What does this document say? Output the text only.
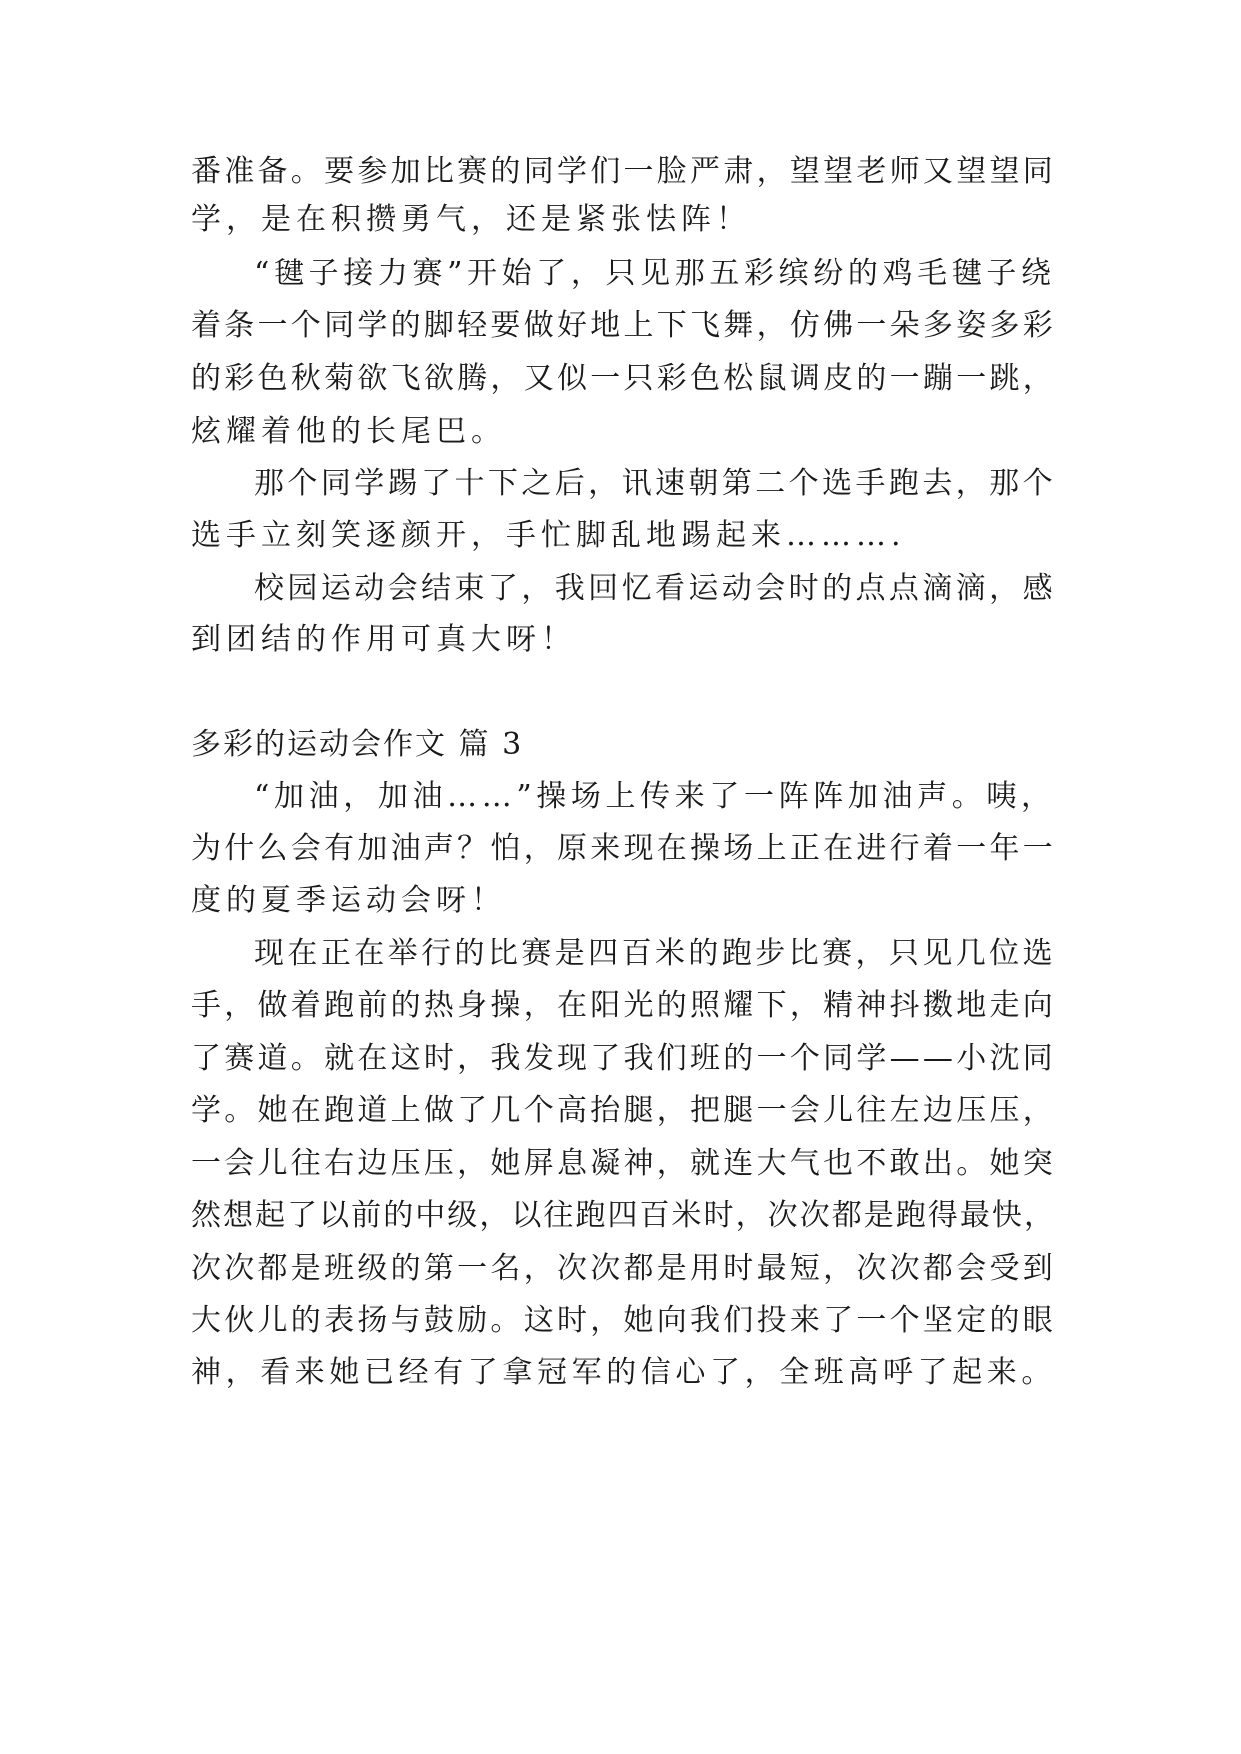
番准备。要参加比赛的同学们一脸严肃，望望老师又望望同
学，是在积攒勇气，还是紧张怯阵！
“毽子接力赛”开始了，只见那五彩缤纷的鸡毛毽子绕
着条一个同学的脚轻要做好地上下飞舞，仿佛一朵多姿多彩
的彩色秋菊欲飞欲腾，又似一只彩色松鼠调皮的一蹦一跳，
炫耀着他的长尾巴。
那个同学踢了十下之后，讯速朝第二个选手跑去，那个
选手立刻笑逐颜开，手忙脚乱地踢起来……….
校园运动会结束了，我回忆看运动会时的点点滴滴，感
到团结的作用可真大呀！
多彩的运动会作文 篇 3
“加油，加油……”操场上传来了一阵阵加油声。咦，
为什么会有加油声？怕，原来现在操场上正在进行着一年一
度的夏季运动会呀！
现在正在举行的比赛是四百米的跑步比赛，只见几位选
手，做着跑前的热身操，在阳光的照耀下，精神抖擞地走向
了赛道。就在这时，我发现了我们班的一个同学——小沈同
学。她在跑道上做了几个高抬腿，把腿一会儿往左边压压，
一会儿往右边压压，她屏息凝神，就连大气也不敢出。她突
然想起了以前的中级，以往跑四百米时，次次都是跑得最快，
次次都是班级的第一名，次次都是用时最短，次次都会受到
大伙儿的表扬与鼓励。这时，她向我们投来了一个坚定的眼
神，看来她已经有了拿冠军的信心了，全班高呼了起来。
